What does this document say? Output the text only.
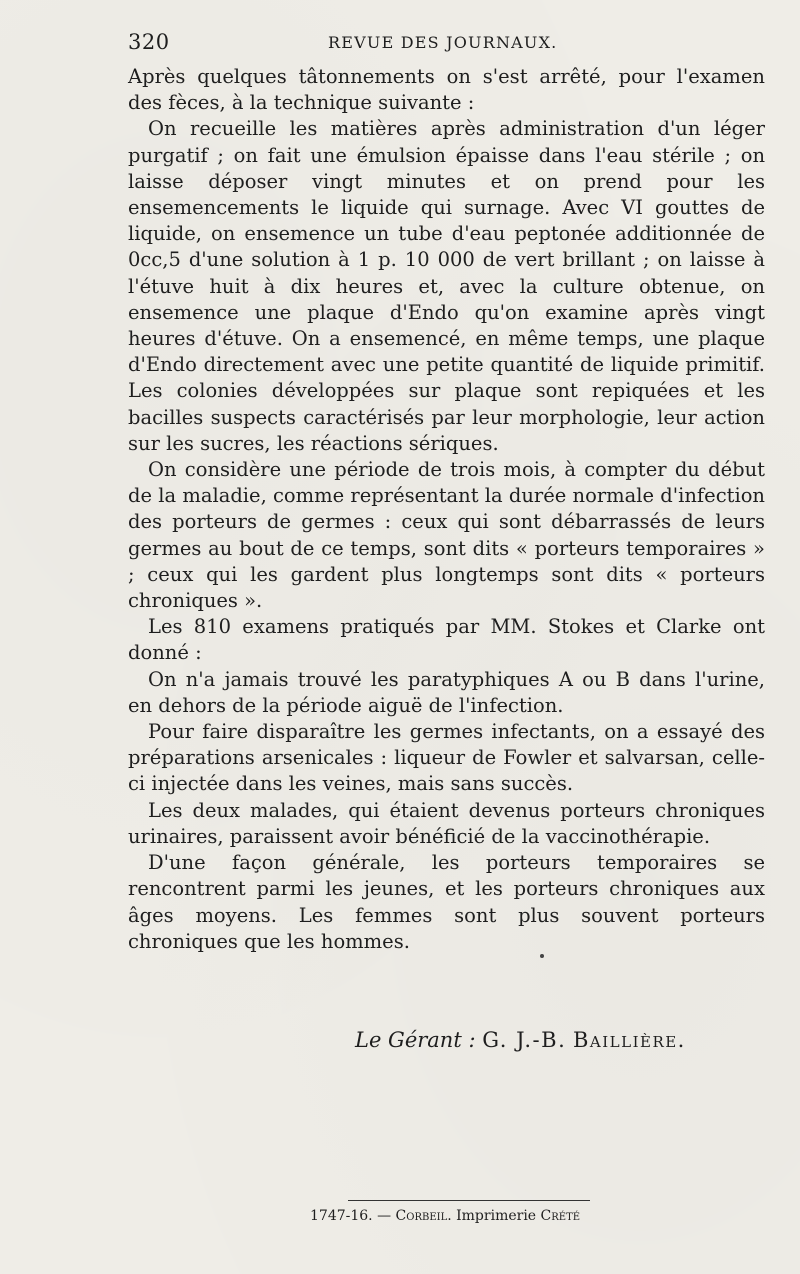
320	REVUE DES JOURNAUX.

Après quelques tâtonnements on s'est arrêté, pour l'examen des fèces, à la technique suivante :

On recueille les matières après administration d'un léger purgatif ; on fait une émulsion épaisse dans l'eau stérile ; on laisse déposer vingt minutes et on prend pour les ensemencements le liquide qui surnage. Avec VI gouttes de liquide, on ensemence un tube d'eau peptonée additionnée de 0cc,5 d'une solution à 1 p. 10 000 de vert brillant ; on laisse à l'étuve huit à dix heures et, avec la culture obtenue, on ensemence une plaque d'Endo qu'on examine après vingt heures d'étuve. On a ensemencé, en même temps, une plaque d'Endo directement avec une petite quantité de liquide primitif. Les colonies développées sur plaque sont repiquées et les bacilles suspects caractérisés par leur morphologie, leur action sur les sucres, les réactions sériques.

On considère une période de trois mois, à compter du début de la maladie, comme représentant la durée normale d'infection des porteurs de germes : ceux qui sont débarrassés de leurs germes au bout de ce temps, sont dits « porteurs temporaires » ; ceux qui les gardent plus longtemps sont dits « porteurs chroniques ».

Les 810 examens pratiqués par MM. Stokes et Clarke ont donné :

On n'a jamais trouvé les paratyphiques A ou B dans l'urine, en dehors de la période aiguë de l'infection.

Pour faire disparaître les germes infectants, on a essayé des préparations arsenicales : liqueur de Fowler et salvarsan, celle-ci injectée dans les veines, mais sans succès.

Les deux malades, qui étaient devenus porteurs chroniques urinaires, paraissent avoir bénéficié de la vaccinothérapie.

D'une façon générale, les porteurs temporaires se rencontrent parmi les jeunes, et les porteurs chroniques aux âges moyens. Les femmes sont plus souvent porteurs chroniques que les hommes.

Le Gérant : G. J.-B. Baillière.
1747-16. — Corbeil. Imprimerie Crété
